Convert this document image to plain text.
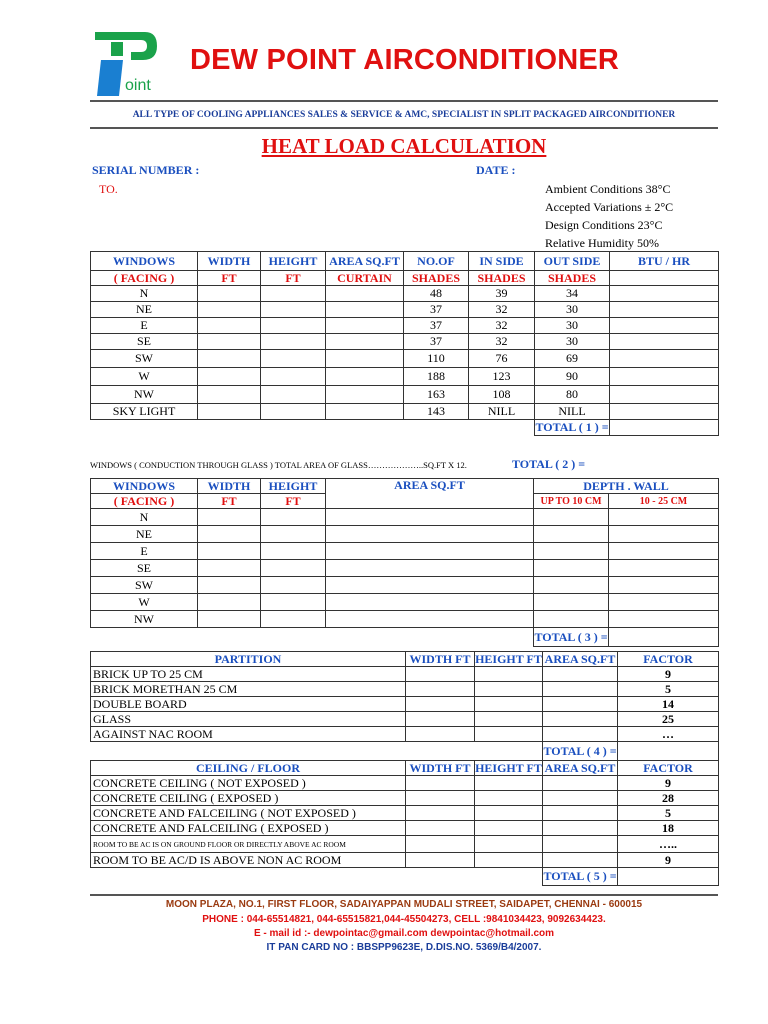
oint
DEW POINT AIRCONDITIONER
ALL TYPE OF COOLING APPLIANCES SALES & SERVICE & AMC, SPECIALIST IN SPLIT PACKAGED AIRCONDITIONER
HEAT LOAD CALCULATION
SERIAL NUMBER :	DATE :
TO.	Ambient Conditions 38°C
Accepted Variations ± 2°C
Design Conditions 23°C
Relative Humidity 50%
WINDOWS	WIDTH	HEIGHT	AREA SQ.FT	NO.OF	IN SIDE	OUT SIDE	BTU / HR
( FACING )	FT	FT	CURTAIN	SHADES	SHADES	SHADES	
N				48	39	34	
NE				37	32	30	
E				37	32	30	
SE				37	32	30	
SW				110	76	69	
W				188	123	90	
NW				163	108	80	
SKY LIGHT				143	NILL	NILL	
						TOTAL ( 1 ) =	
WINDOWS ( CONDUCTION THROUGH GLASS ) TOTAL AREA OF GLASS………………..SQ.FT X 12.	TOTAL ( 2 ) =
WINDOWS	WIDTH	HEIGHT	AREA SQ.FT	DEPTH . WALL	
( FACING )	FT	FT		UP TO 10 CM	10 - 25 CM
N					
NE					
E					
SE					
SW					
W					
NW					
				TOTAL ( 3 ) =	
PARTITION	WIDTH FT	HEIGHT FT	AREA SQ.FT	FACTOR
BRICK UP TO 25 CM				9
BRICK MORETHAN 25 CM				5
DOUBLE BOARD				14
GLASS				25
AGAINST NAC ROOM				…
			TOTAL ( 4 ) =	
CEILING / FLOOR	WIDTH FT	HEIGHT FT	AREA SQ.FT	FACTOR
CONCRETE CEILING ( NOT EXPOSED )				9
CONCRETE CEILING ( EXPOSED )				28
CONCRETE AND FALCEILING ( NOT EXPOSED )				5
CONCRETE AND FALCEILING ( EXPOSED )				18
ROOM TO BE AC IS ON GROUND FLOOR OR DIRECTLY ABOVE AC ROOM				…..
ROOM TO BE AC/D IS ABOVE NON AC ROOM				9
			TOTAL ( 5 ) =	
MOON PLAZA, NO.1, FIRST FLOOR, SADAIYAPPAN MUDALI STREET, SAIDAPET, CHENNAI - 600015
PHONE : 044-65514821, 044-65515821,044-45504273, CELL :9841034423, 9092634423.
E - mail id :- dewpointac@gmail.com dewpointac@hotmail.com
IT PAN CARD NO : BBSPP9623E, D.DIS.NO. 5369/B4/2007.
